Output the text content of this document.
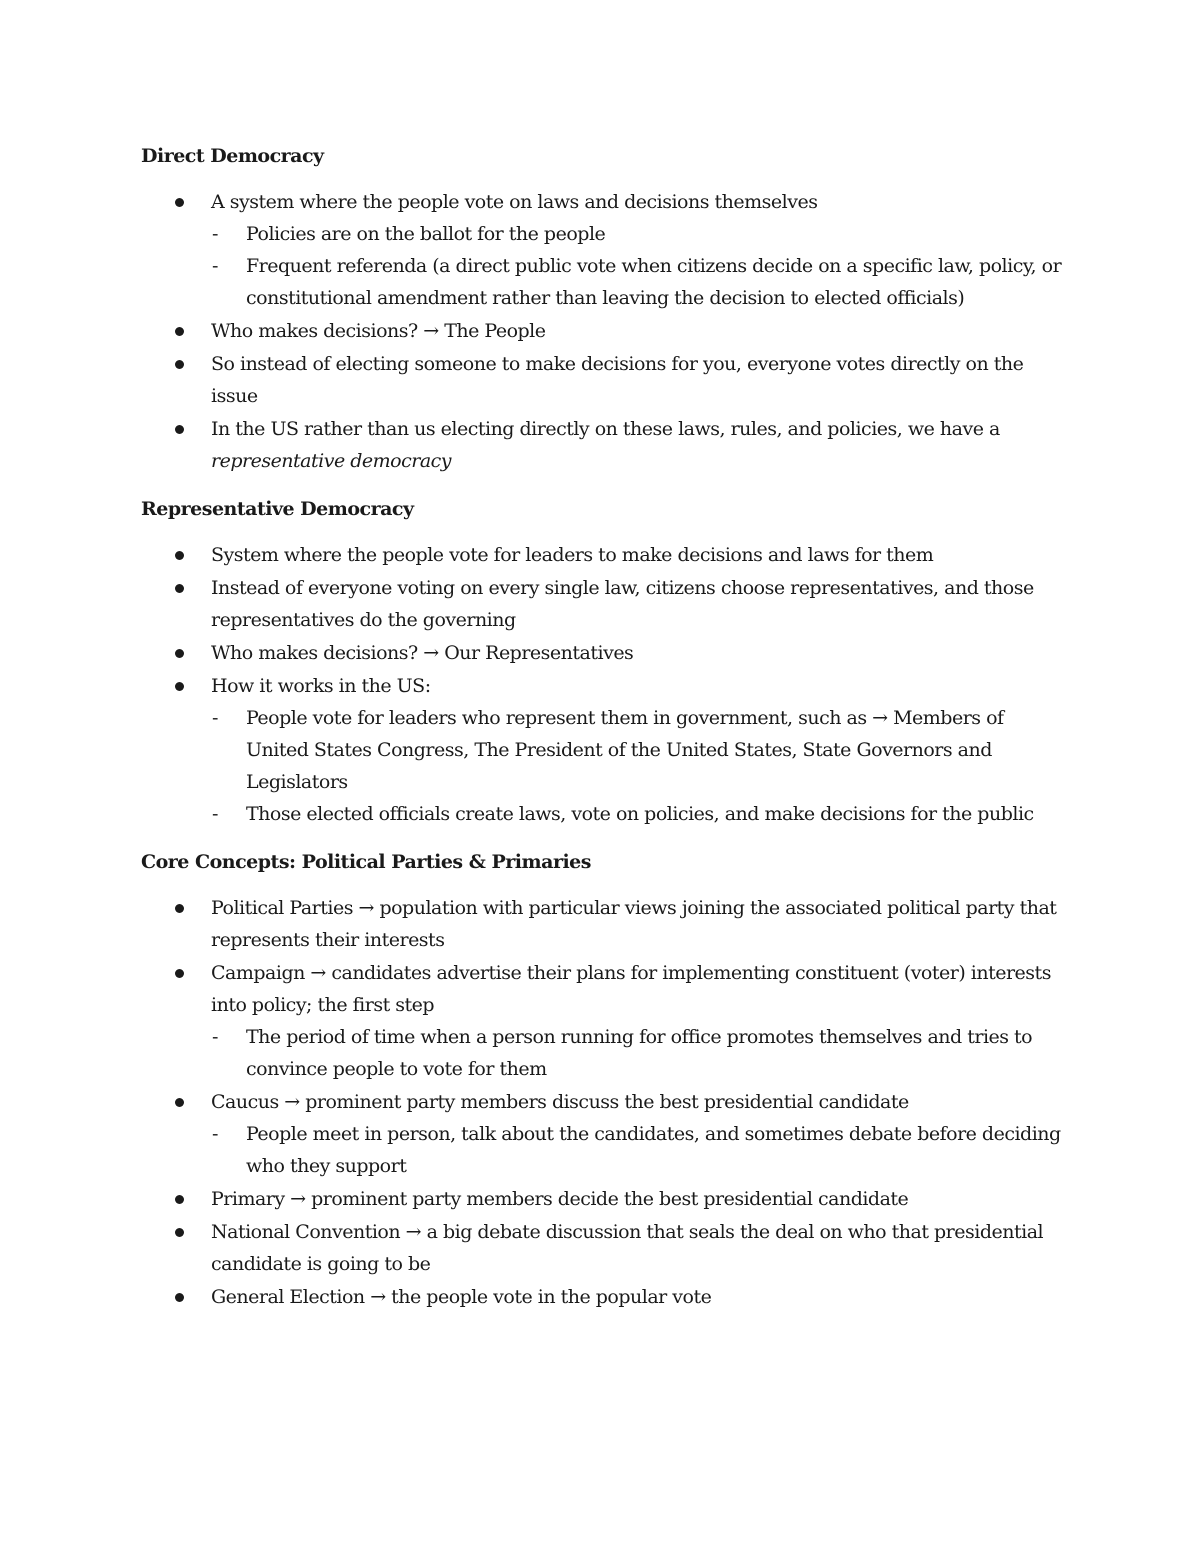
Direct Democracy
A system where the people vote on laws and decisions themselves
- Policies are on the ballot for the people
- Frequent referenda (a direct public vote when citizens decide on a specific law, policy, or constitutional amendment rather than leaving the decision to elected officials)
Who makes decisions? → The People
So instead of electing someone to make decisions for you, everyone votes directly on the issue
In the US rather than us electing directly on these laws, rules, and policies, we have a representative democracy
Representative Democracy
System where the people vote for leaders to make decisions and laws for them
Instead of everyone voting on every single law, citizens choose representatives, and those representatives do the governing
Who makes decisions? → Our Representatives
How it works in the US:
- People vote for leaders who represent them in government, such as → Members of United States Congress, The President of the United States, State Governors and Legislators
- Those elected officials create laws, vote on policies, and make decisions for the public
Core Concepts: Political Parties & Primaries
Political Parties → population with particular views joining the associated political party that represents their interests
Campaign → candidates advertise their plans for implementing constituent (voter) interests into policy; the first step
- The period of time when a person running for office promotes themselves and tries to convince people to vote for them
Caucus → prominent party members discuss the best presidential candidate
- People meet in person, talk about the candidates, and sometimes debate before deciding who they support
Primary → prominent party members decide the best presidential candidate
National Convention → a big debate discussion that seals the deal on who that presidential candidate is going to be
General Election → the people vote in the popular vote
